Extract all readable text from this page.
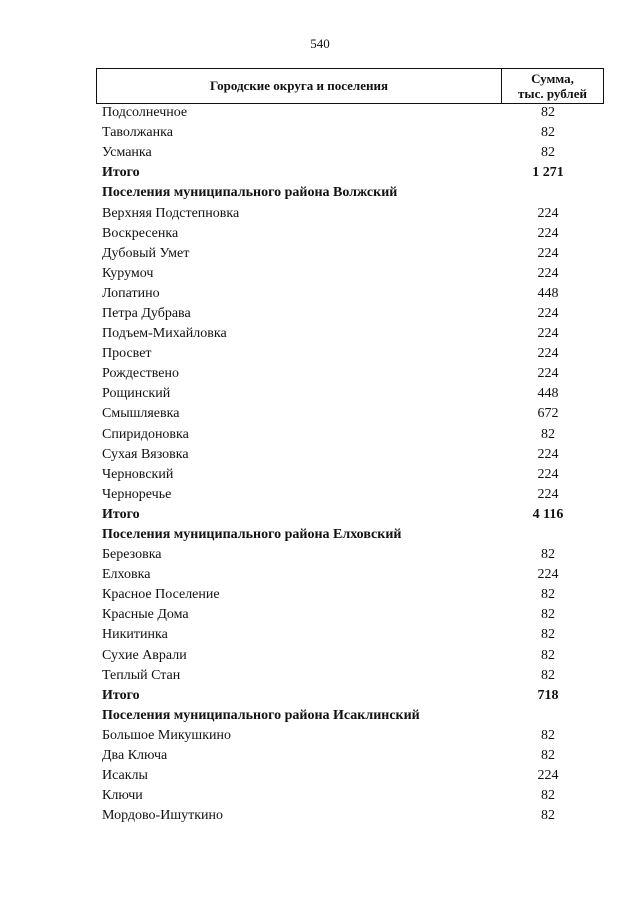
540
Городские округа и поселения	Сумма,
тыс. рублей
Подсолнечное	82
Таволжанка	82
Усманка	82
Итого	1 271
Поселения муниципального района Волжский
Верхняя Подстепновка	224
Воскресенка	224
Дубовый Умет	224
Курумоч	224
Лопатино	448
Петра Дубрава	224
Подъем-Михайловка	224
Просвет	224
Рождествено	224
Рощинский	448
Смышляевка	672
Спиридоновка	82
Сухая Вязовка	224
Черновский	224
Черноречье	224
Итого	4 116
Поселения муниципального района Елховский
Березовка	82
Елховка	224
Красное Поселение	82
Красные Дома	82
Никитинка	82
Сухие Аврали	82
Теплый Стан	82
Итого	718
Поселения муниципального района Исаклинский
Большое Микушкино	82
Два Ключа	82
Исаклы	224
Ключи	82
Мордово-Ишуткино	82
